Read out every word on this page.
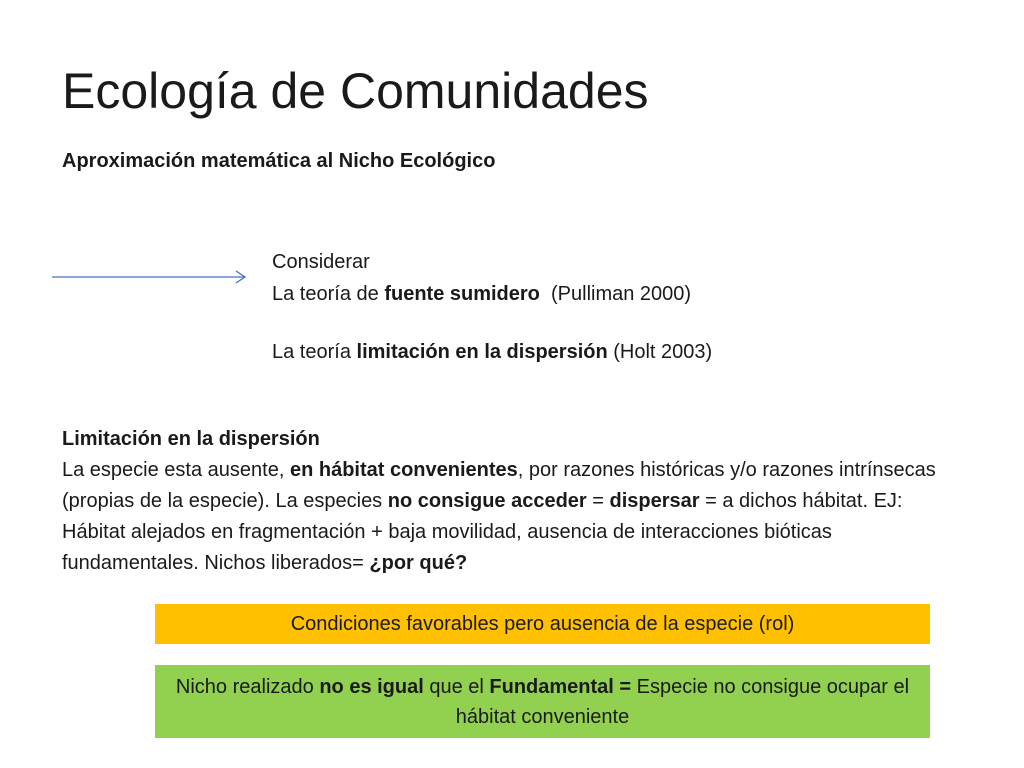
Ecología de Comunidades
Aproximación matemática al Nicho Ecológico
Considerar
La teoría de fuente sumidero  (Pulliman 2000)
La teoría limitación en la dispersión (Holt 2003)
Limitación en la dispersión
La especie esta ausente, en hábitat convenientes, por razones históricas y/o razones intrínsecas (propias de la especie). La especies no consigue acceder = dispersar = a dichos hábitat. EJ: Hábitat alejados en fragmentación + baja movilidad, ausencia de interacciones bióticas fundamentales. Nichos liberados= ¿por qué?
Condiciones favorables pero ausencia de la especie (rol)
Nicho realizado no es igual que el Fundamental = Especie no consigue ocupar el hábitat conveniente
